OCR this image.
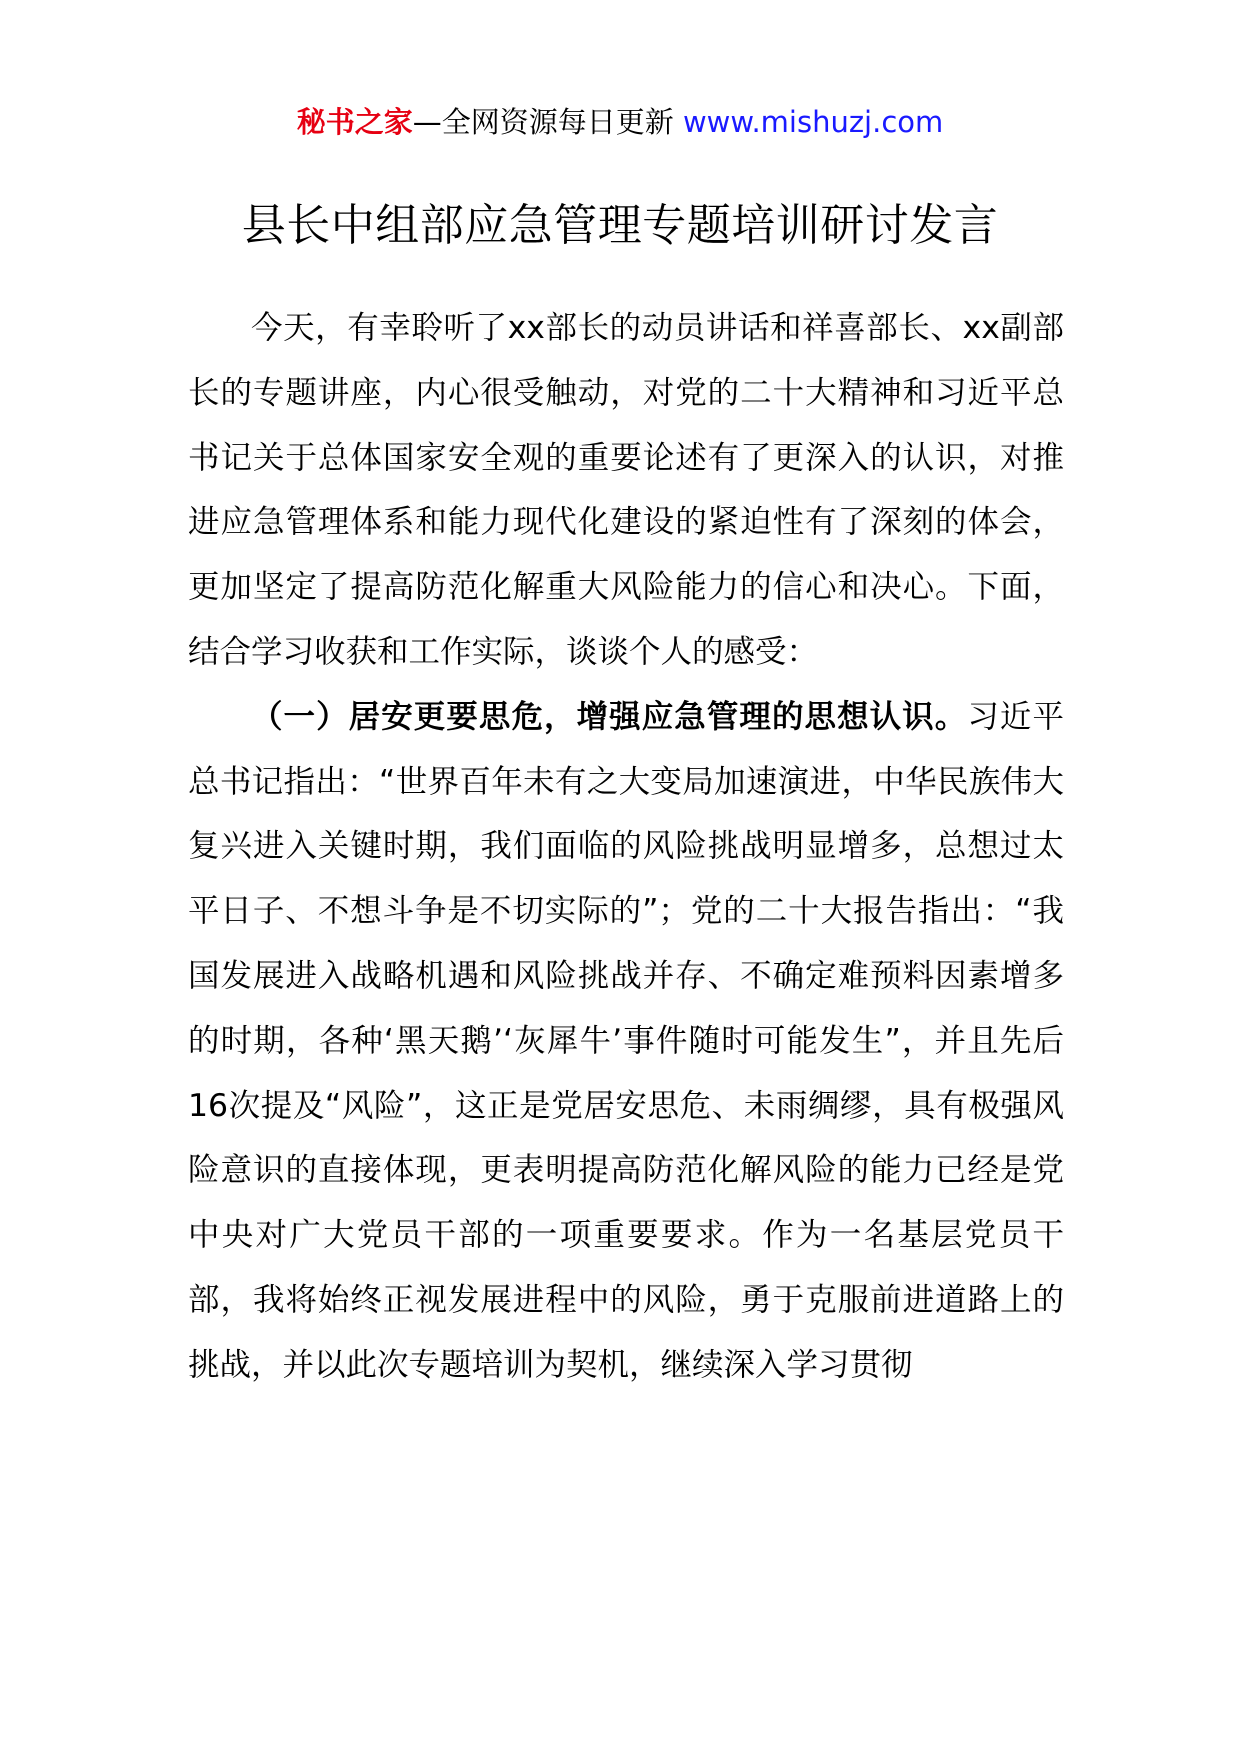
秘书之家—全网资源每日更新 www.mishuzj.com
县长中组部应急管理专题培训研讨发言

今天，有幸聆听了xx部长的动员讲话和祥喜部长、xx副部长的专题讲座，内心很受触动，对党的二十大精神和习近平总书记关于总体国家安全观的重要论述有了更深入的认识，对推进应急管理体系和能力现代化建设的紧迫性有了深刻的体会，更加坚定了提高防范化解重大风险能力的信心和决心。下面，结合学习收获和工作实际，谈谈个人的感受：

（一）居安更要思危，增强应急管理的思想认识。习近平总书记指出：“世界百年未有之大变局加速演进，中华民族伟大复兴进入关键时期，我们面临的风险挑战明显增多，总想过太平日子、不想斗争是不切实际的”；党的二十大报告指出：“我国发展进入战略机遇和风险挑战并存、不确定难预料因素增多的时期，各种‘黑天鹅’‘灰犀牛’事件随时可能发生”，并且先后16次提及“风险”，这正是党居安思危、未雨绸缪，具有极强风险意识的直接体现，更表明提高防范化解风险的能力已经是党中央对广大党员干部的一项重要要求。作为一名基层党员干部，我将始终正视发展进程中的风险，勇于克服前进道路上的挑战，并以此次专题培训为契机，继续深入学习贯彻
